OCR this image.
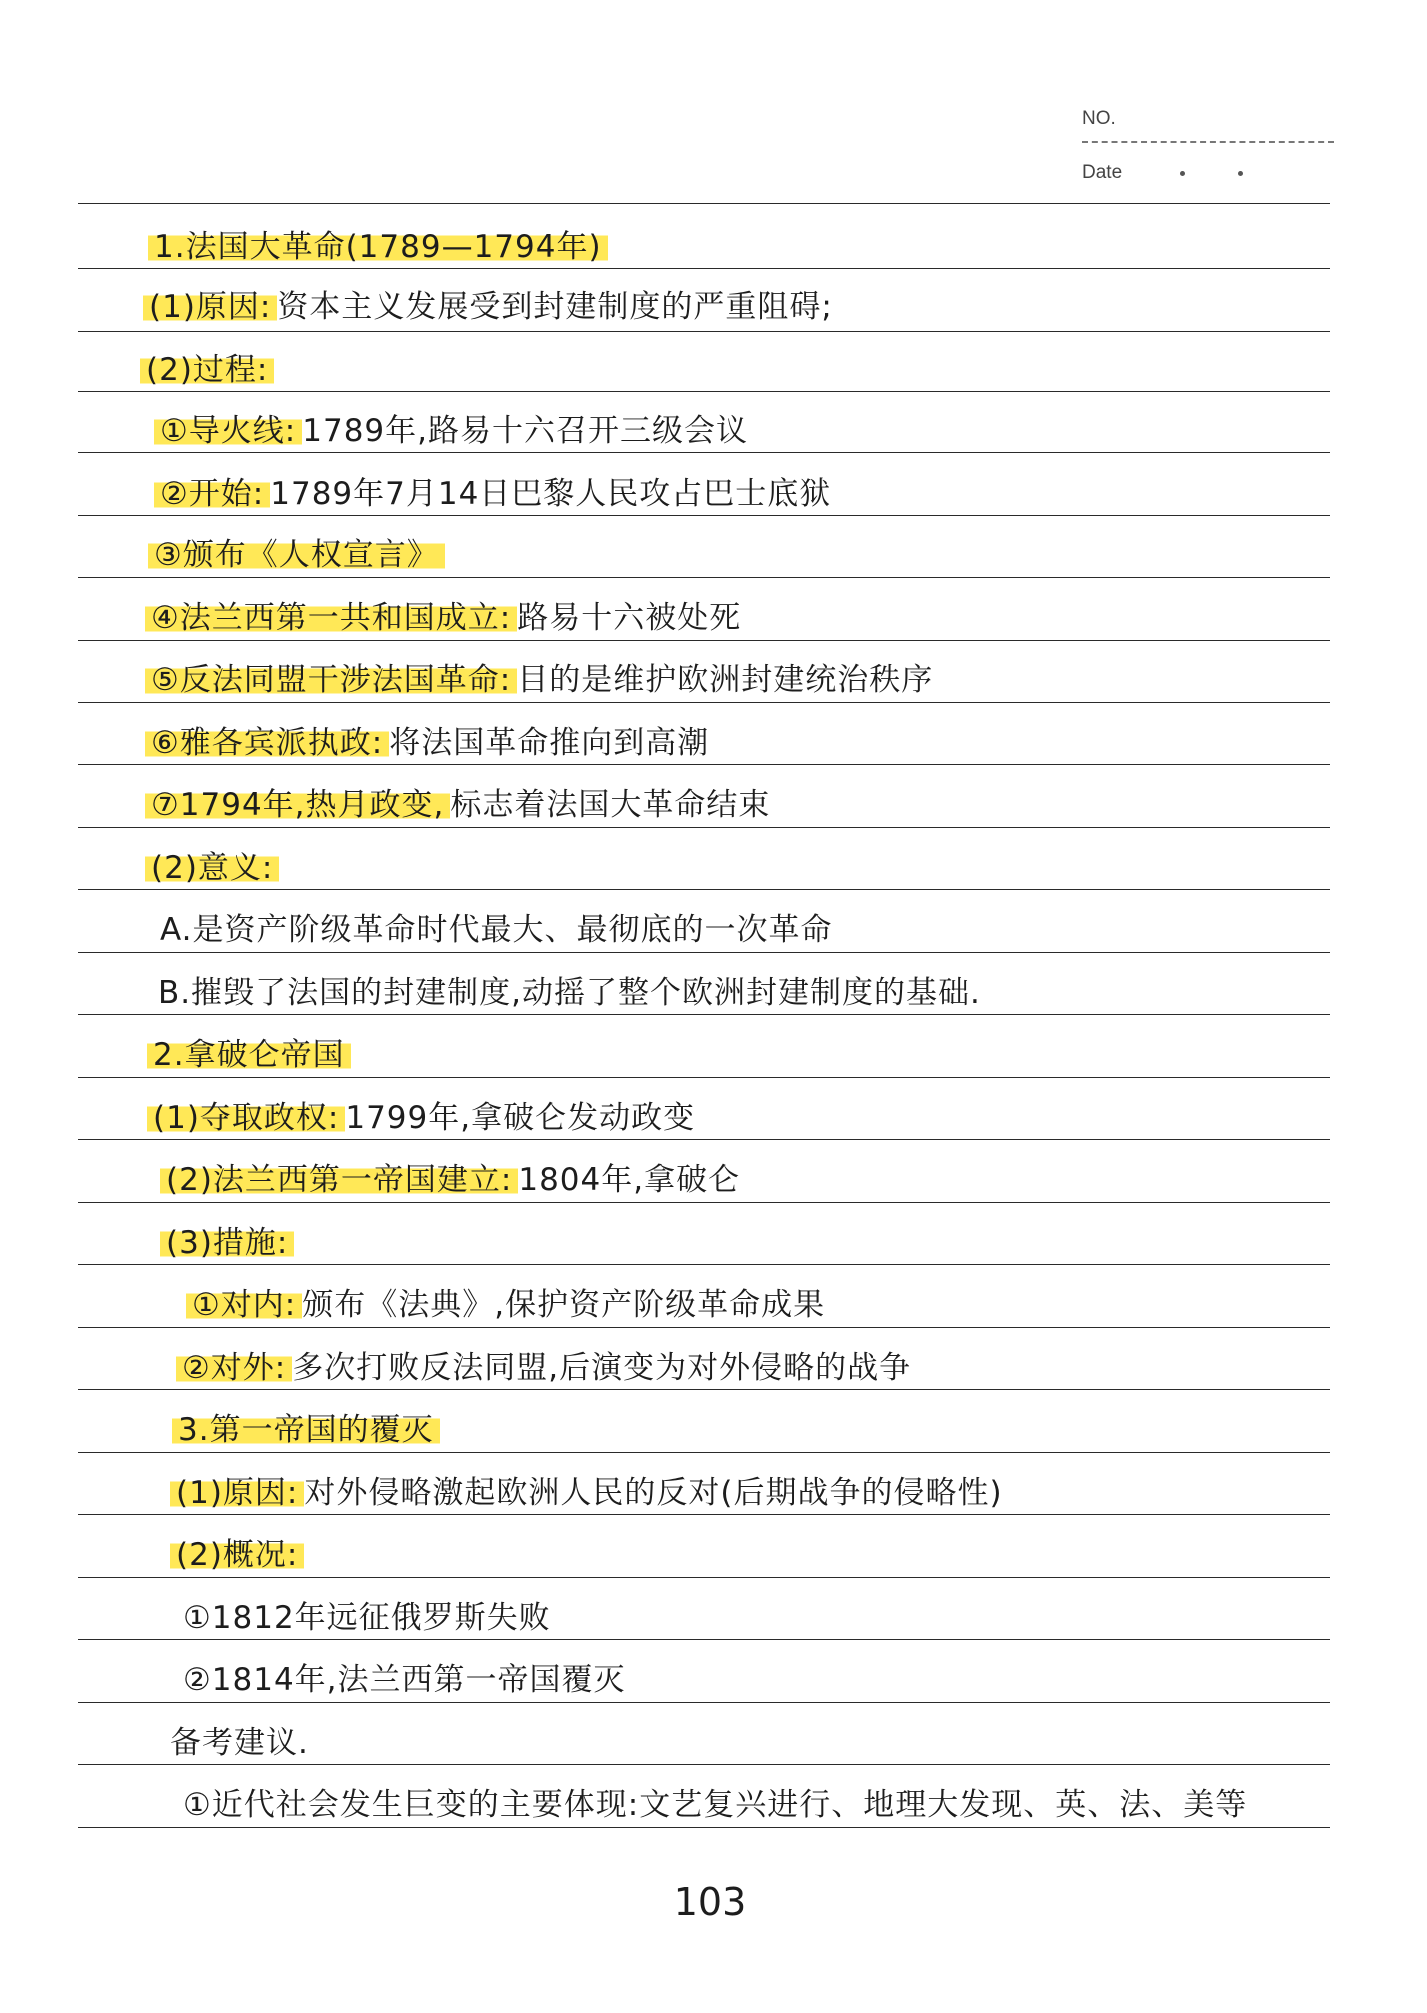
NO.
Date
1.法国大革命(1789—1794年)
(1)原因: 资本主义发展受到封建制度的严重阻碍;
(2)过程:
①导火线: 1789年,路易十六召开三级会议
②开始: 1789年7月14日巴黎人民攻占巴士底狱
③颁布《人权宣言》
④法兰西第一共和国成立: 路易十六被处死
⑤反法同盟干涉法国革命: 目的是维护欧洲封建统治秩序
⑥雅各宾派执政: 将法国革命推向到高潮
⑦1794年,热月政变, 标志着法国大革命结束
(2)意义:
A.是资产阶级革命时代最大、最彻底的一次革命
B.摧毁了法国的封建制度,动摇了整个欧洲封建制度的基础.
2.拿破仑帝国
(1)夺取政权: 1799年,拿破仑发动政变
(2)法兰西第一帝国建立: 1804年,拿破仑
(3)措施:
①对内: 颁布《法典》,保护资产阶级革命成果
②对外: 多次打败反法同盟,后演变为对外侵略的战争
3.第一帝国的覆灭
(1)原因: 对外侵略激起欧洲人民的反对(后期战争的侵略性)
(2)概况:
①1812年远征俄罗斯失败
②1814年,法兰西第一帝国覆灭
备考建议.
①近代社会发生巨变的主要体现:文艺复兴进行、地理大发现、英、法、美等
103
